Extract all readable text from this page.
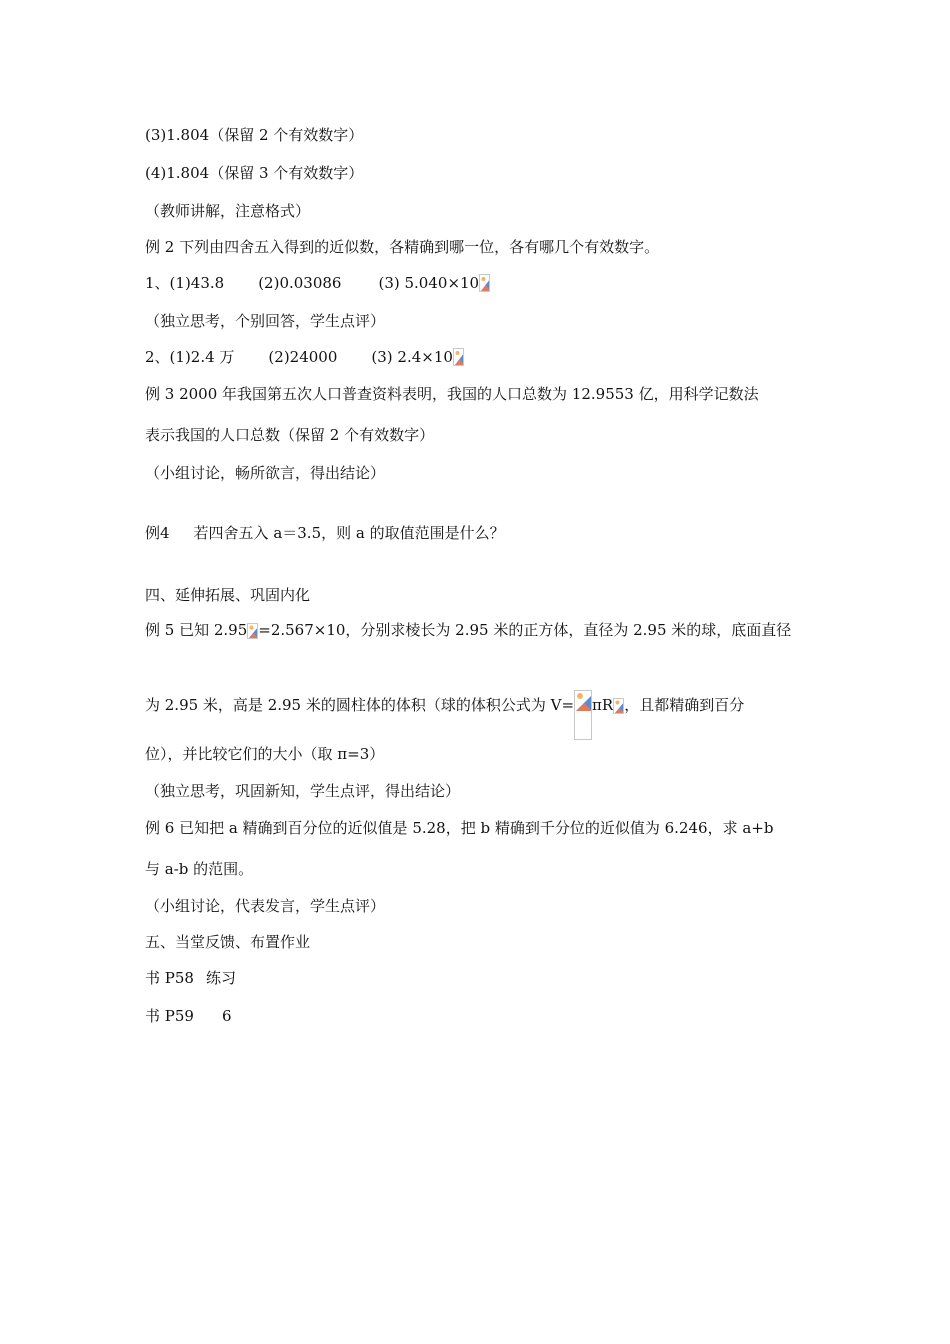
(3)1.804（保留 2 个有效数字）
(4)1.804（保留 3 个有效数字）
（教师讲解，注意格式）
例 2 下列由四舍五入得到的近似数，各精确到哪一位，各有哪几个有效数字。
1、(1)43.8 (2)0.03086 (3) 5.040×10
（独立思考，个别回答，学生点评）
2、(1)2.4 万 (2)24000 (3) 2.4×10
例 3 2000 年我国第五次人口普查资料表明，我国的人口总数为 12.9553 亿，用科学记数法
表示我国的人口总数（保留 2 个有效数字）
（小组讨论，畅所欲言，得出结论）
例4 若四舍五入 a＝3.5，则 a 的取值范围是什么？
四、延伸拓展、巩固内化
例 5 已知 2.95 =2.567×10，分别求棱长为 2.95 米的正方体，直径为 2.95 米的球，底面直径
为 2.95 米，高是 2.95 米的圆柱体的体积（球的体积公式为 V= πR ，且都精确到百分
位），并比较它们的大小（取 π=3）
（独立思考，巩固新知，学生点评，得出结论）
例 6 已知把 a 精确到百分位的近似值是 5.28，把 b 精确到千分位的近似值为 6.246，求 a+b
与 a-b 的范围。
（小组讨论，代表发言，学生点评）
五、当堂反馈、布置作业
书 P58 练习
书 P59 6
